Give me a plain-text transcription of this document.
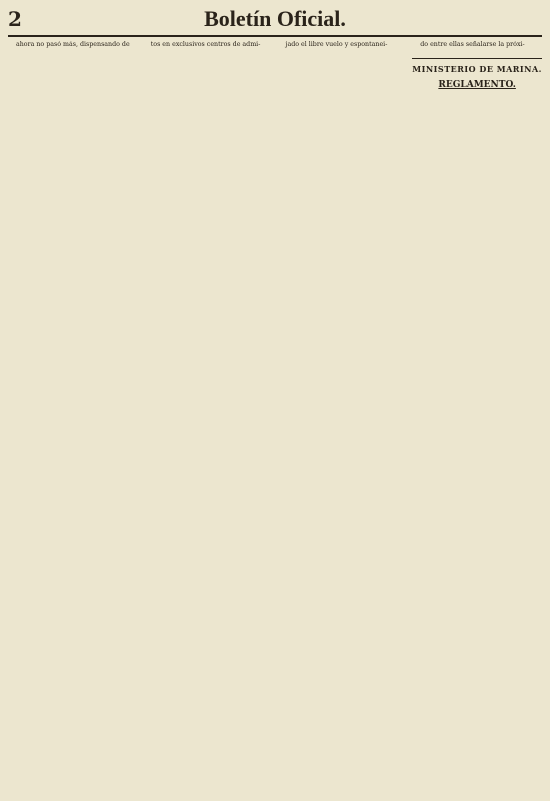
2	Boletín Oficial.

ahora no pasó más, dispensando de	tos en exclusivos centros de admi-	jado el libre vuelo y espontanei-	do entre ellas señalarse la próxi-

MINISTERIO DE MARINA.
REGLAMENTO.
